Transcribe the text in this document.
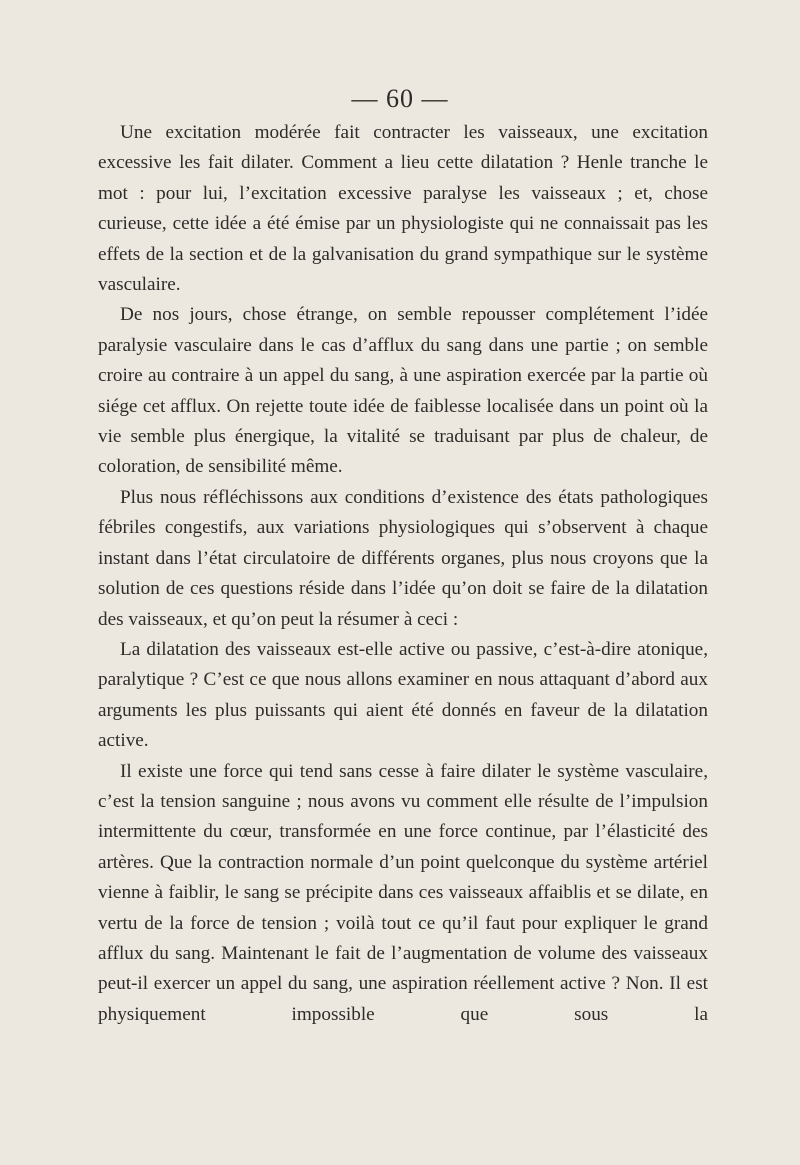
— 60 —

Une excitation modérée fait contracter les vaisseaux, une excitation excessive les fait dilater. Comment a lieu cette dilatation ? Henle tranche le mot : pour lui, l’excitation excessive paralyse les vaisseaux ; et, chose curieuse, cette idée a été émise par un physiologiste qui ne connaissait pas les effets de la section et de la galvanisation du grand sympathique sur le système vasculaire.

De nos jours, chose étrange, on semble repousser complétement l’idée paralysie vasculaire dans le cas d’afflux du sang dans une partie ; on semble croire au contraire à un appel du sang, à une aspiration exercée par la partie où siége cet afflux. On rejette toute idée de faiblesse localisée dans un point où la vie semble plus énergique, la vitalité se traduisant par plus de chaleur, de coloration, de sensibilité même.

Plus nous réfléchissons aux conditions d’existence des états pathologiques fébriles congestifs, aux variations physiologiques qui s’observent à chaque instant dans l’état circulatoire de différents organes, plus nous croyons que la solution de ces questions réside dans l’idée qu’on doit se faire de la dilatation des vaisseaux, et qu’on peut la résumer à ceci :

La dilatation des vaisseaux est-elle active ou passive, c’est-à-dire atonique, paralytique ? C’est ce que nous allons examiner en nous attaquant d’abord aux arguments les plus puissants qui aient été donnés en faveur de la dilatation active.

Il existe une force qui tend sans cesse à faire dilater le système vasculaire, c’est la tension sanguine ; nous avons vu comment elle résulte de l’impulsion intermittente du cœur, transformée en une force continue, par l’élasticité des artères. Que la contraction normale d’un point quelconque du système artériel vienne à faiblir, le sang se précipite dans ces vaisseaux affaiblis et se dilate, en vertu de la force de tension ; voilà tout ce qu’il faut pour expliquer le grand afflux du sang. Maintenant le fait de l’augmentation de volume des vaisseaux peut-il exercer un appel du sang, une aspiration réellement active ? Non. Il est physiquement impossible que sous la
